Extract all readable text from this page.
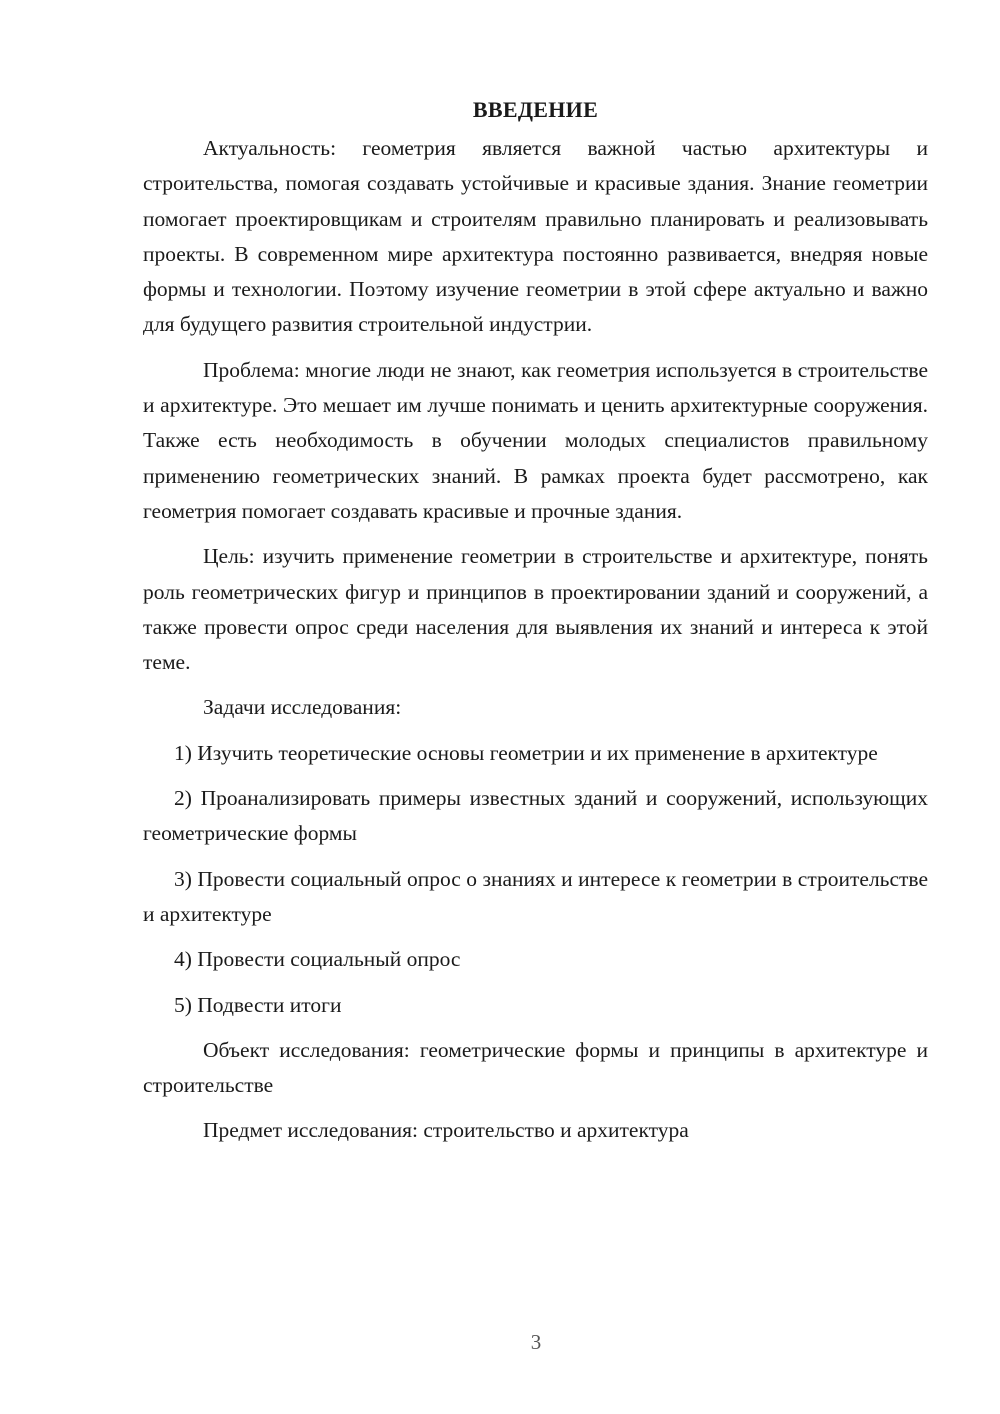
ВВЕДЕНИЕ

Актуальность: геометрия является важной частью архитектуры и строительства, помогая создавать устойчивые и красивые здания. Знание геометрии помогает проектировщикам и строителям правильно планировать и реализовывать проекты. В современном мире архитектура постоянно развивается, внедряя новые формы и технологии. Поэтому изучение геометрии в этой сфере актуально и важно для будущего развития строительной индустрии.

Проблема: многие люди не знают, как геометрия используется в строительстве и архитектуре. Это мешает им лучше понимать и ценить архитектурные сооружения. Также есть необходимость в обучении молодых специалистов правильному применению геометрических знаний. В рамках проекта будет рассмотрено, как геометрия помогает создавать красивые и прочные здания.

Цель: изучить применение геометрии в строительстве и архитектуре, понять роль геометрических фигур и принципов в проектировании зданий и сооружений, а также провести опрос среди населения для выявления их знаний и интереса к этой теме.

Задачи исследования:

1) Изучить теоретические основы геометрии и их применение в архитектуре

2) Проанализировать примеры известных зданий и сооружений, использующих геометрические формы

3) Провести социальный опрос о знаниях и интересе к геометрии в строительстве и архитектуре

4) Провести социальный опрос

5) Подвести итоги

Объект исследования: геометрические формы и принципы в архитектуре и строительстве

Предмет исследования: строительство и архитектура

3
